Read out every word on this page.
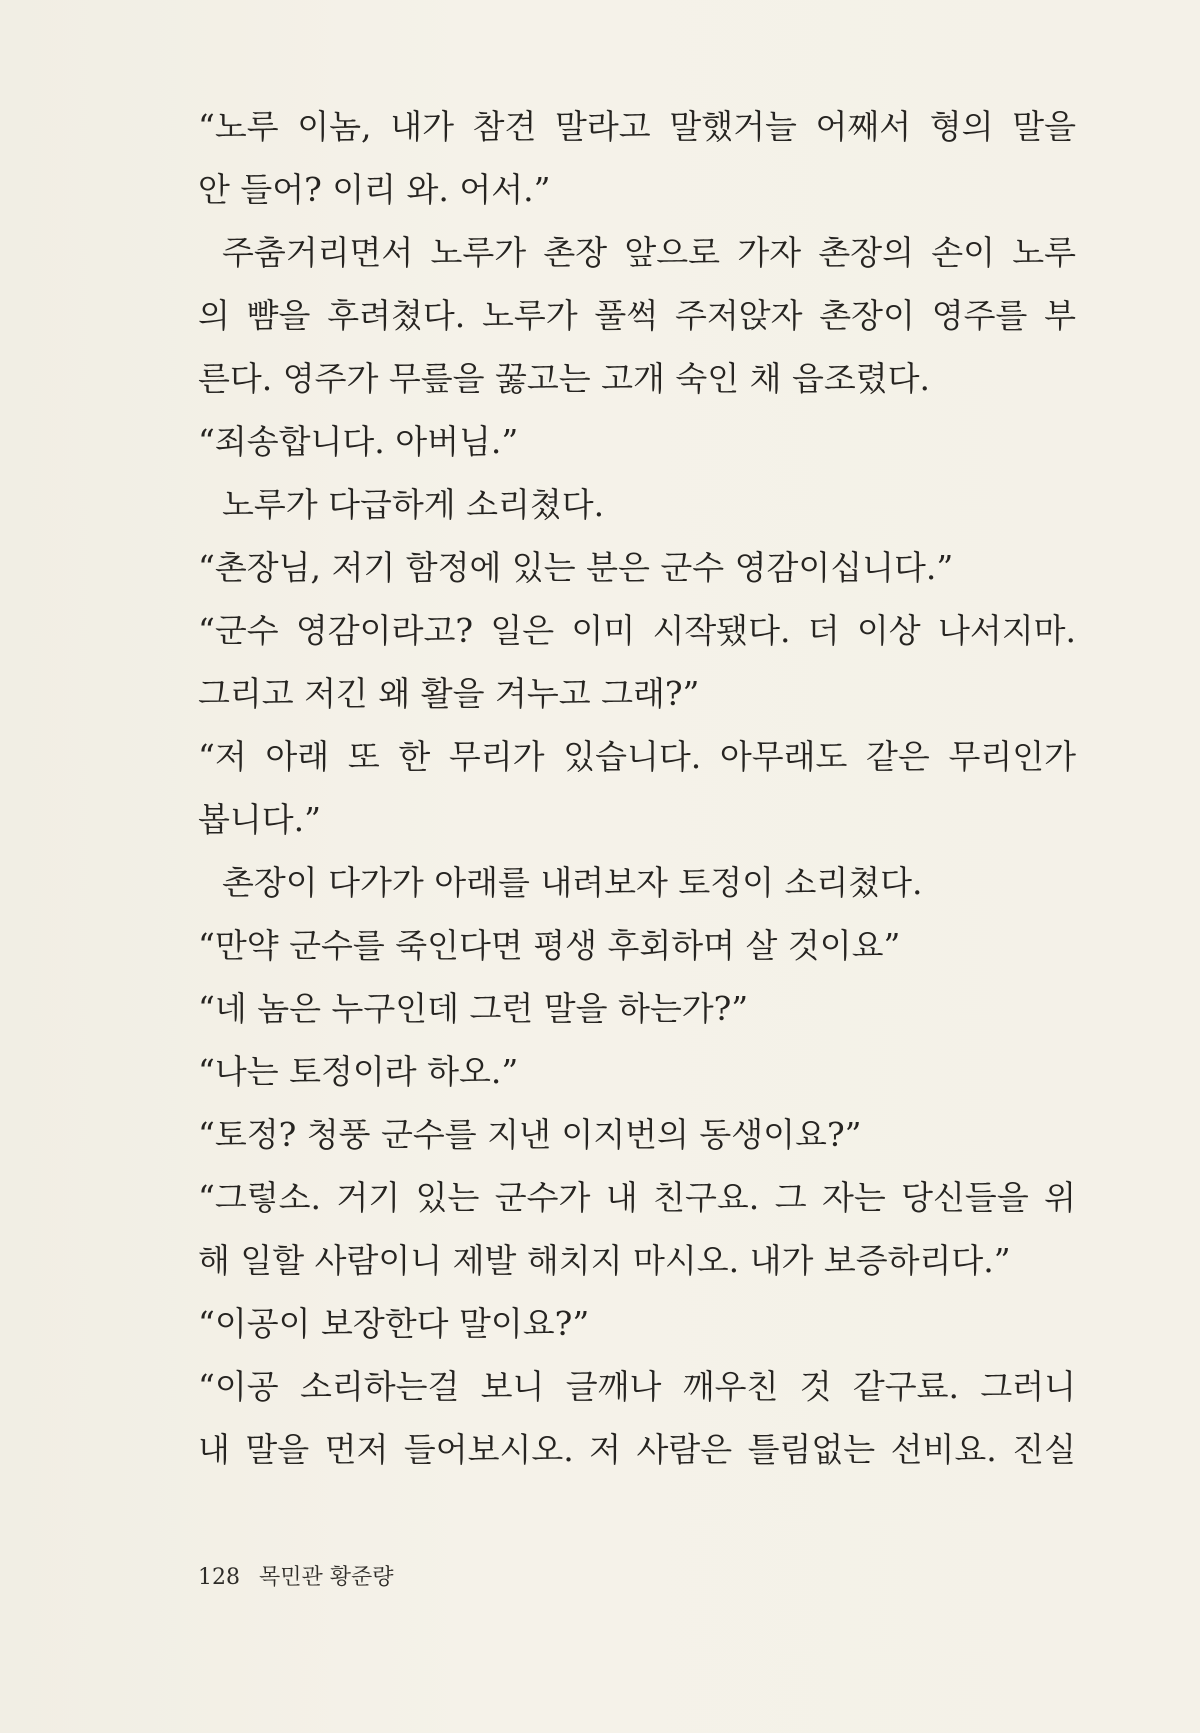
“노루 이놈, 내가 참견 말라고 말했거늘 어째서 형의 말을
안 들어? 이리 와. 어서.”
주춤거리면서 노루가 촌장 앞으로 가자 촌장의 손이 노루
의 뺨을 후려쳤다. 노루가 풀썩 주저앉자 촌장이 영주를 부
른다. 영주가 무릎을 꿇고는 고개 숙인 채 읍조렸다.
“죄송합니다. 아버님.”
노루가 다급하게 소리쳤다.
“촌장님, 저기 함정에 있는 분은 군수 영감이십니다.”
“군수 영감이라고? 일은 이미 시작됐다. 더 이상 나서지마.
그리고 저긴 왜 활을 겨누고 그래?”
“저 아래 또 한 무리가 있습니다. 아무래도 같은 무리인가
봅니다.”
촌장이 다가가 아래를 내려보자 토정이 소리쳤다.
“만약 군수를 죽인다면 평생 후회하며 살 것이요”
“네 놈은 누구인데 그런 말을 하는가?”
“나는 토정이라 하오.”
“토정? 청풍 군수를 지낸 이지번의 동생이요?”
“그렇소. 거기 있는 군수가 내 친구요. 그 자는 당신들을 위
해 일할 사람이니 제발 해치지 마시오. 내가 보증하리다.”
“이공이 보장한다 말이요?”
“이공 소리하는걸 보니 글깨나 깨우친 것 같구료. 그러니
내 말을 먼저 들어보시오. 저 사람은 틀림없는 선비요. 진실
128 목민관 황준량
